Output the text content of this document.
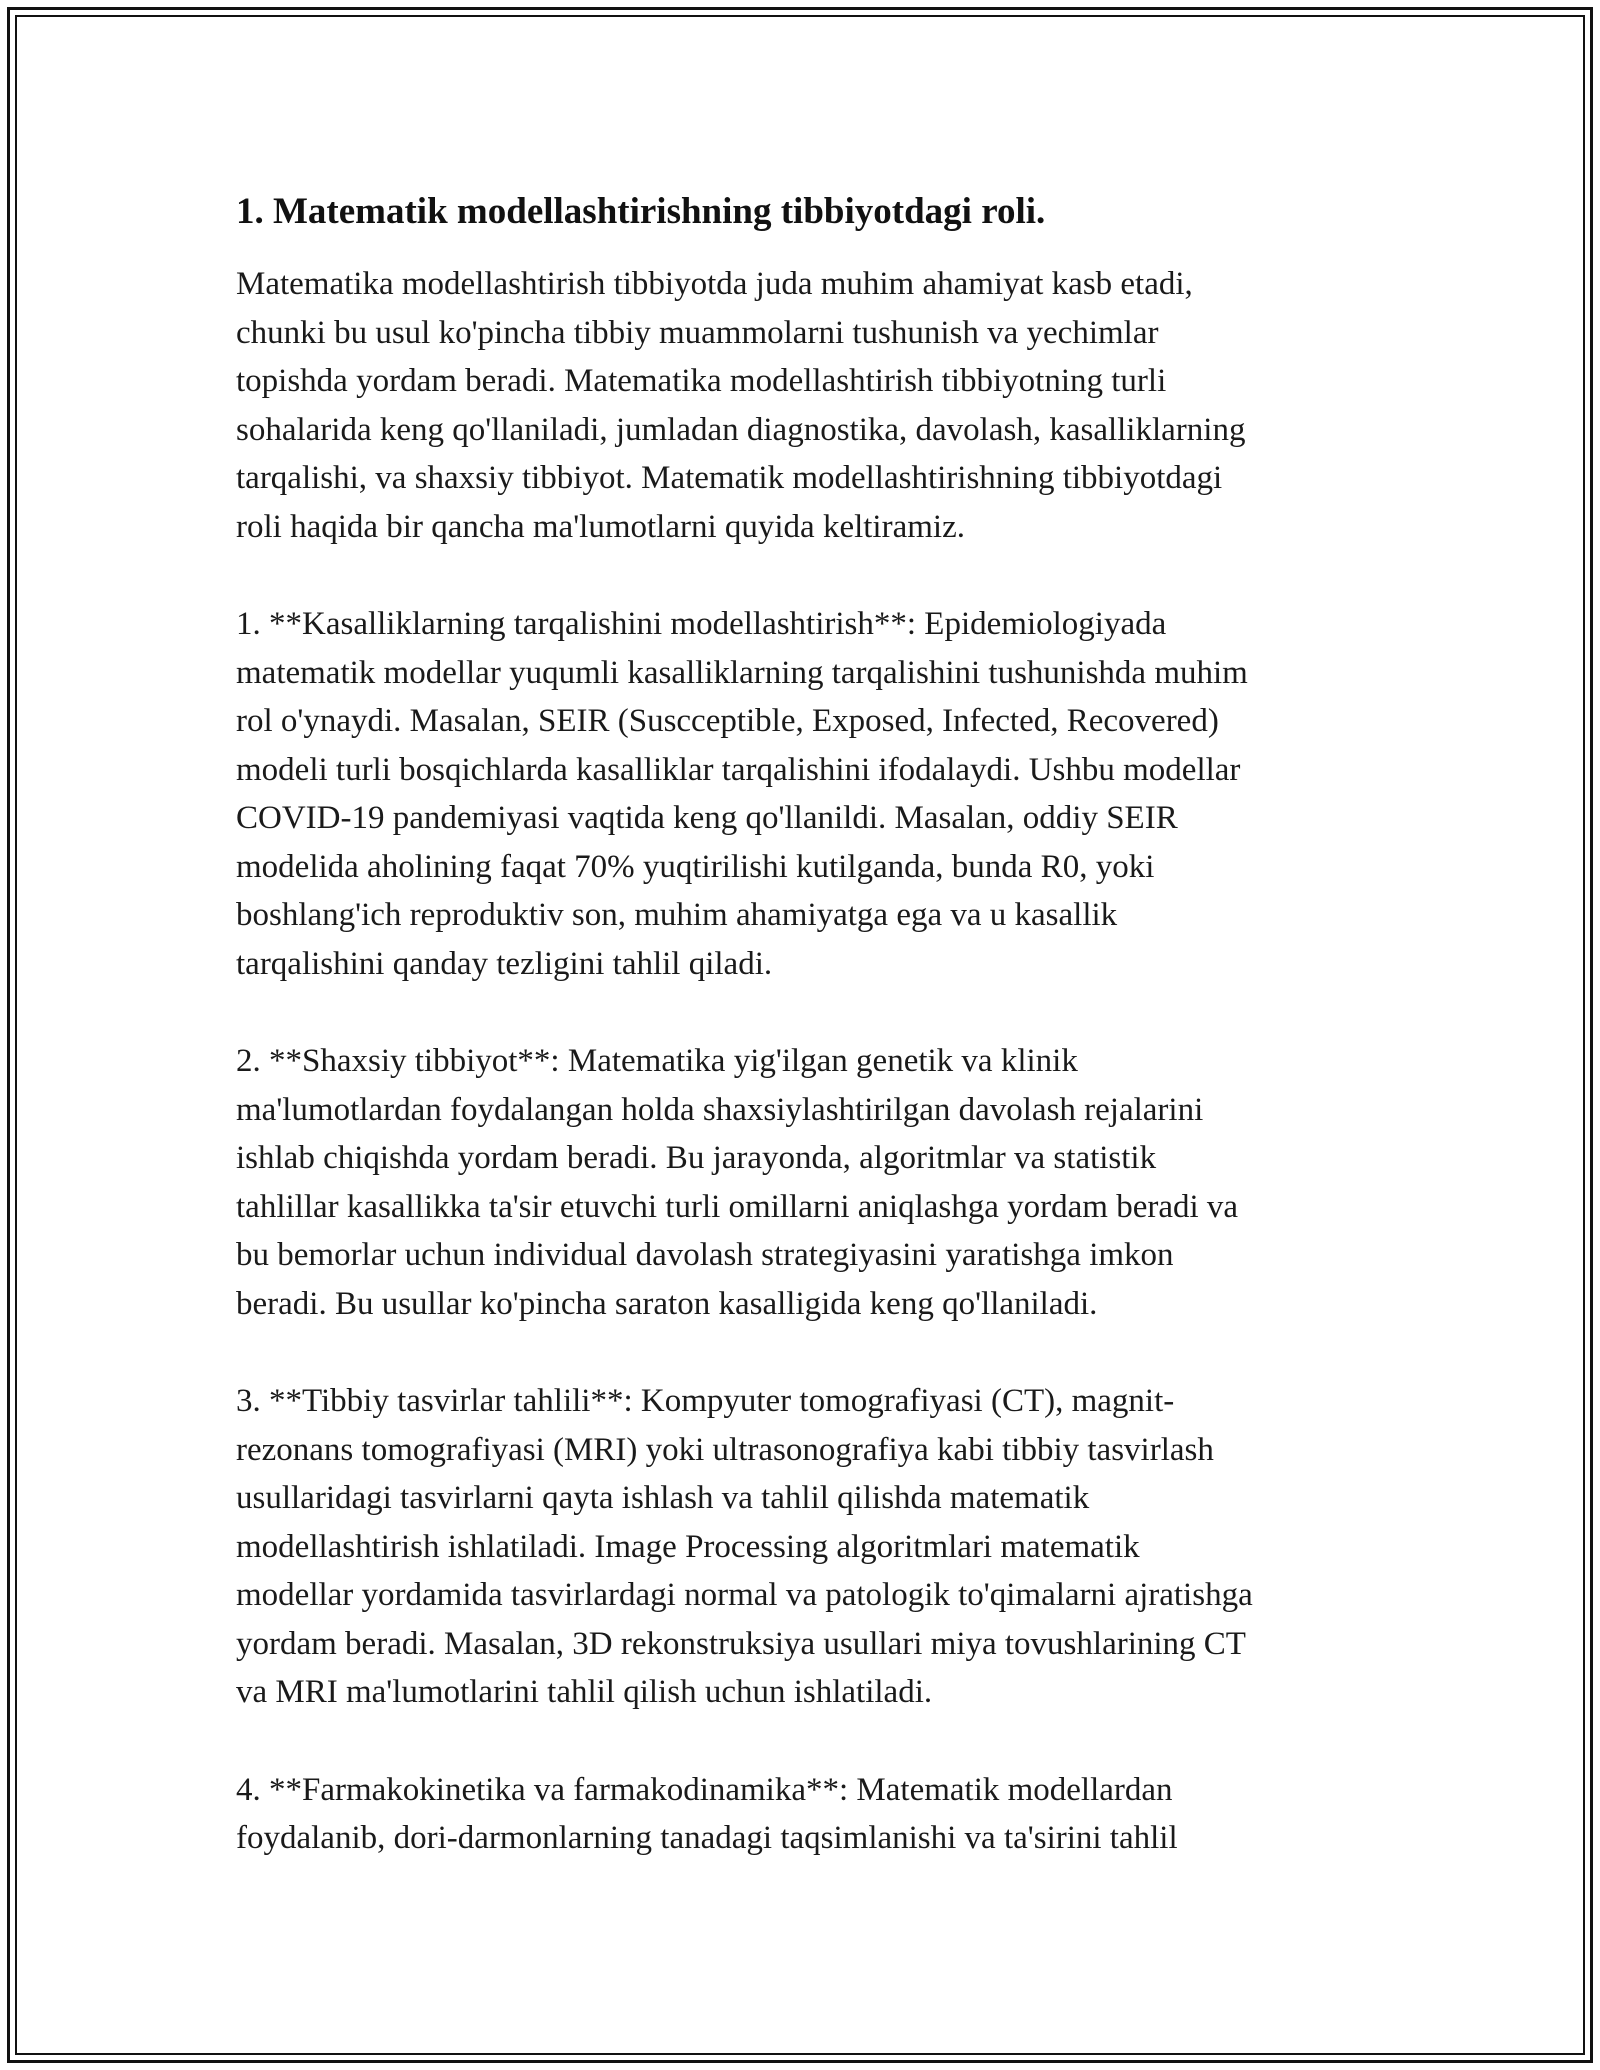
1. Matematik modellashtirishning tibbiyotdagi roli.

Matematika modellashtirish tibbiyotda juda muhim ahamiyat kasb etadi,
chunki bu usul ko'pincha tibbiy muammolarni tushunish va yechimlar
topishda yordam beradi. Matematika modellashtirish tibbiyotning turli
sohalarida keng qo'llaniladi, jumladan diagnostika, davolash, kasalliklarning
tarqalishi, va shaxsiy tibbiyot. Matematik modellashtirishning tibbiyotdagi
roli haqida bir qancha ma'lumotlarni quyida keltiramiz.

1. **Kasalliklarning tarqalishini modellashtirish**: Epidemiologiyada
matematik modellar yuqumli kasalliklarning tarqalishini tushunishda muhim
rol o'ynaydi. Masalan, SEIR (Suscceptible, Exposed, Infected, Recovered)
modeli turli bosqichlarda kasalliklar tarqalishini ifodalaydi. Ushbu modellar
COVID-19 pandemiyasi vaqtida keng qo'llanildi. Masalan, oddiy SEIR
modelida aholining faqat 70% yuqtirilishi kutilganda, bunda R0, yoki
boshlang'ich reproduktiv son, muhim ahamiyatga ega va u kasallik
tarqalishini qanday tezligini tahlil qiladi.

2. **Shaxsiy tibbiyot**: Matematika yig'ilgan genetik va klinik
ma'lumotlardan foydalangan holda shaxsiylashtirilgan davolash rejalarini
ishlab chiqishda yordam beradi. Bu jarayonda, algoritmlar va statistik
tahlillar kasallikka ta'sir etuvchi turli omillarni aniqlashga yordam beradi va
bu bemorlar uchun individual davolash strategiyasini yaratishga imkon
beradi. Bu usullar ko'pincha saraton kasalligida keng qo'llaniladi.

3. **Tibbiy tasvirlar tahlili**: Kompyuter tomografiyasi (CT), magnit-
rezonans tomografiyasi (MRI) yoki ultrasonografiya kabi tibbiy tasvirlash
usullaridagi tasvirlarni qayta ishlash va tahlil qilishda matematik
modellashtirish ishlatiladi. Image Processing algoritmlari matematik
modellar yordamida tasvirlardagi normal va patologik to'qimalarni ajratishga
yordam beradi. Masalan, 3D rekonstruksiya usullari miya tovushlarining CT
va MRI ma'lumotlarini tahlil qilish uchun ishlatiladi.

4. **Farmakokinetika va farmakodinamika**: Matematik modellardan
foydalanib, dori-darmonlarning tanadagi taqsimlanishi va ta'sirini tahlil
